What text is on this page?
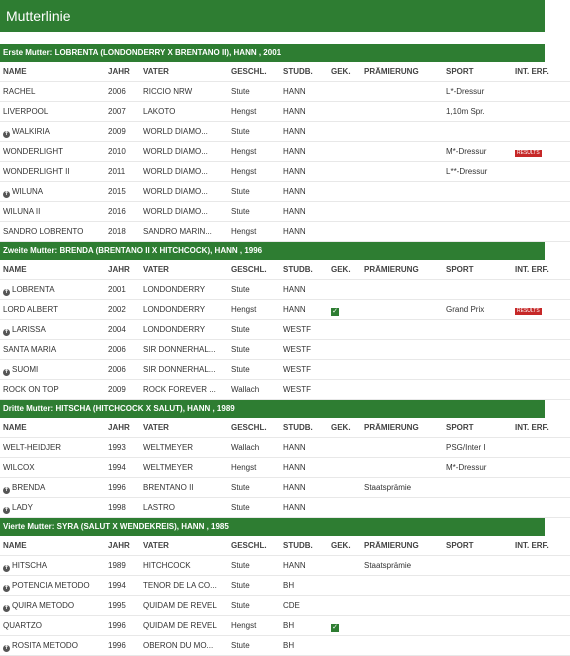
Mutterlinie
Erste Mutter: LOBRENTA (LONDONDERRY X BRENTANO II), HANN , 2001
NAME	JAHR	VATER	GESCHL.	STUDB.	GEK.	PRÄMIERUNG	SPORT	INT. ERF.
RACHEL	2006	RICCIO NRW	Stute	HANN			L*-Dressur	
LIVERPOOL	2007	LAKOTO	Hengst	HANN			1,10m Spr.	
✝ WALKIRIA	2009	WORLD DIAMO...	Stute	HANN				
WONDERLIGHT	2010	WORLD DIAMO...	Hengst	HANN			M*-Dressur	RESULTS
WONDERLIGHT II	2011	WORLD DIAMO...	Hengst	HANN			L**-Dressur	
✝ WILUNA	2015	WORLD DIAMO...	Stute	HANN				
WILUNA II	2016	WORLD DIAMO...	Stute	HANN				
SANDRO LOBRENTO	2018	SANDRO MARIN...	Hengst	HANN				
Zweite Mutter: BRENDA (BRENTANO II X HITCHCOCK), HANN , 1996
NAME	JAHR	VATER	GESCHL.	STUDB.	GEK.	PRÄMIERUNG	SPORT	INT. ERF.
✝ LOBRENTA	2001	LONDONDERRY	Stute	HANN				
LORD ALBERT	2002	LONDONDERRY	Hengst	HANN	✓		Grand Prix	RESULTS
✝ LARISSA	2004	LONDONDERRY	Stute	WESTF				
SANTA MARIA	2006	SIR DONNERHAL...	Stute	WESTF				
✝ SUOMI	2006	SIR DONNERHAL...	Stute	WESTF				
ROCK ON TOP	2009	ROCK FOREVER ...	Wallach	WESTF				
Dritte Mutter: HITSCHA (HITCHCOCK X SALUT), HANN , 1989
NAME	JAHR	VATER	GESCHL.	STUDB.	GEK.	PRÄMIERUNG	SPORT	INT. ERF.
WELT-HEIDJER	1993	WELTMEYER	Wallach	HANN			PSG/Inter I	
WILCOX	1994	WELTMEYER	Hengst	HANN			M*-Dressur	
✝ BRENDA	1996	BRENTANO II	Stute	HANN		Staatsprämie		
✝ LADY	1998	LASTRO	Stute	HANN				
Vierte Mutter: SYRA (SALUT X WENDEKREIS), HANN , 1985
NAME	JAHR	VATER	GESCHL.	STUDB.	GEK.	PRÄMIERUNG	SPORT	INT. ERF.
✝ HITSCHA	1989	HITCHCOCK	Stute	HANN		Staatsprämie		
✝ POTENCIA METODO	1994	TENOR DE LA CO...	Stute	BH				
✝ QUIRA METODO	1995	QUIDAM DE REVEL	Stute	CDE				
QUARTZO	1996	QUIDAM DE REVEL	Hengst	BH	✓			
✝ ROSITA METODO	1996	OBERON DU MO...	Stute	BH				
